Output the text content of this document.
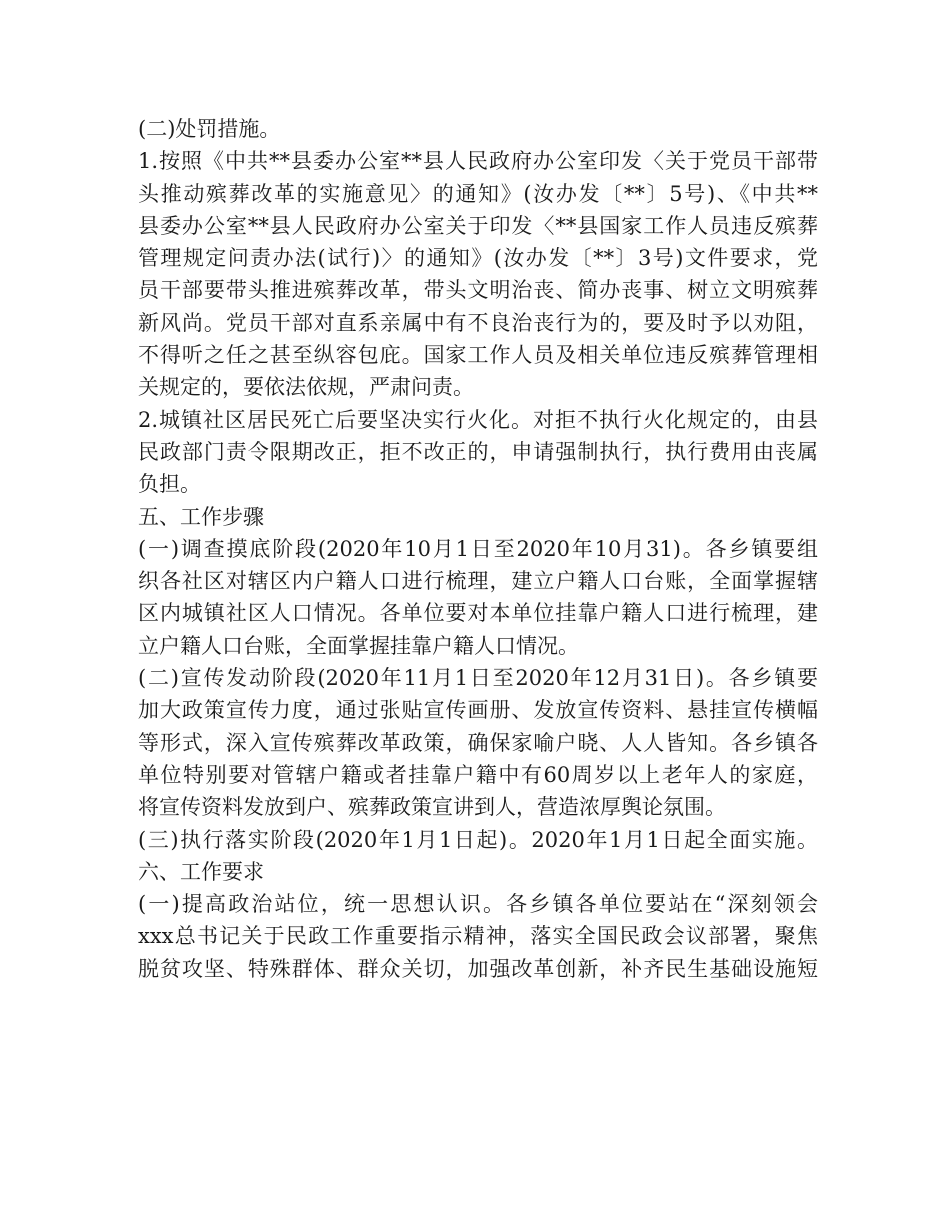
(二)处罚措施。
1.按照《中共**县委办公室**县人民政府办公室印发〈关于党员干部带
头推动殡葬改革的实施意见〉的通知》(汝办发〔**〕5号)、《中共**
县委办公室**县人民政府办公室关于印发〈**县国家工作人员违反殡葬
管理规定问责办法(试行)〉的通知》(汝办发〔**〕3号)文件要求，党
员干部要带头推进殡葬改革，带头文明治丧、简办丧事、树立文明殡葬
新风尚。党员干部对直系亲属中有不良治丧行为的，要及时予以劝阻，
不得听之任之甚至纵容包庇。国家工作人员及相关单位违反殡葬管理相
关规定的，要依法依规，严肃问责。
2.城镇社区居民死亡后要坚决实行火化。对拒不执行火化规定的，由县
民政部门责令限期改正，拒不改正的，申请强制执行，执行费用由丧属
负担。
五、工作步骤
(一)调查摸底阶段(2020年10月1日至2020年10月31)。各乡镇要组
织各社区对辖区内户籍人口进行梳理，建立户籍人口台账，全面掌握辖
区内城镇社区人口情况。各单位要对本单位挂靠户籍人口进行梳理，建
立户籍人口台账，全面掌握挂靠户籍人口情况。
(二)宣传发动阶段(2020年11月1日至2020年12月31日)。各乡镇要
加大政策宣传力度，通过张贴宣传画册、发放宣传资料、悬挂宣传横幅
等形式，深入宣传殡葬改革政策，确保家喻户晓、人人皆知。各乡镇各
单位特别要对管辖户籍或者挂靠户籍中有60周岁以上老年人的家庭，
将宣传资料发放到户、殡葬政策宣讲到人，营造浓厚舆论氛围。
(三)执行落实阶段(2020年1月1日起)。2020年1月1日起全面实施。
六、工作要求
(一)提高政治站位，统一思想认识。各乡镇各单位要站在“深刻领会
xxx总书记关于民政工作重要指示精神，落实全国民政会议部署，聚焦
脱贫攻坚、特殊群体、群众关切，加强改革创新，补齐民生基础设施短
